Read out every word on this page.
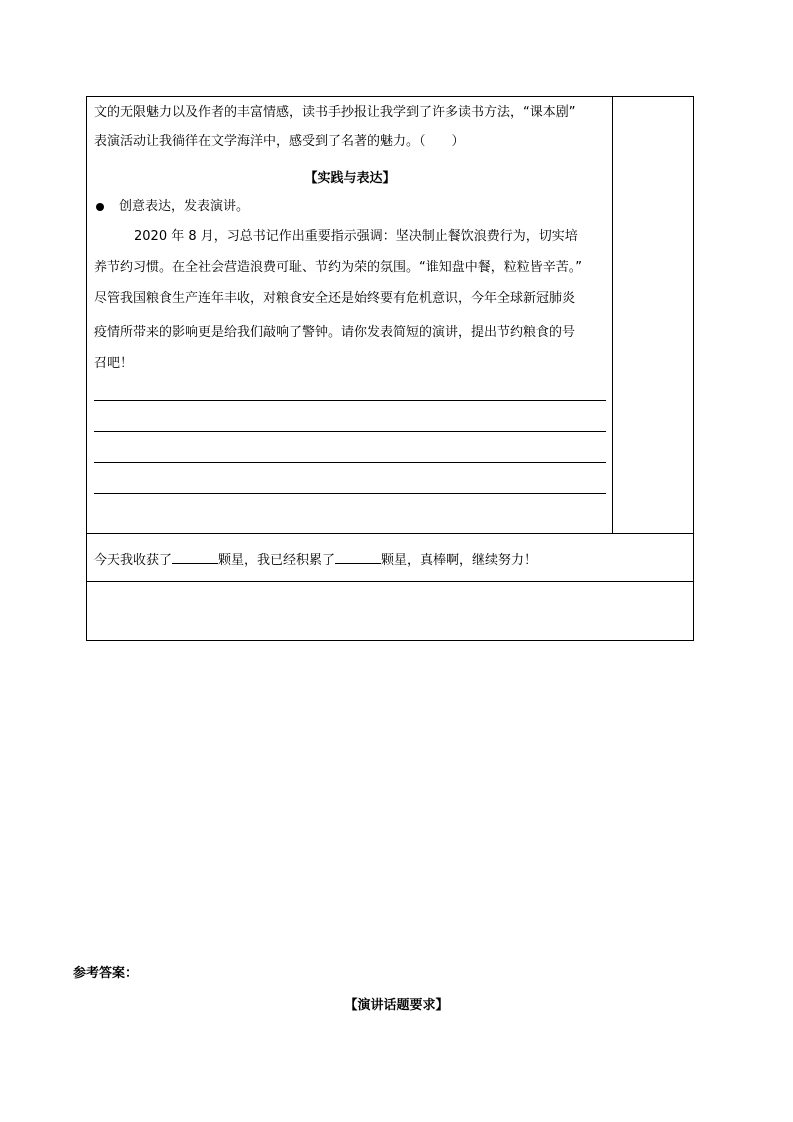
文的无限魅力以及作者的丰富情感，读书手抄报让我学到了许多读书方法，“课本剧”
表演活动让我徜徉在文学海洋中，感受到了名著的魅力。（　　）
【实践与表达】
创意表达，发表演讲。
2020 年 8 月，习总书记作出重要指示强调：坚决制止餐饮浪费行为，切实培
养节约习惯。在全社会营造浪费可耻、节约为荣的氛围。“谁知盘中餐，粒粒皆辛苦。”
尽管我国粮食生产连年丰收，对粮食安全还是始终要有危机意识，今年全球新冠肺炎
疫情所带来的影响更是给我们敲响了警钟。请你发表简短的演讲，提出节约粮食的号
召吧！
今天我收获了	颗星，我已经积累了	颗星，真棒啊，继续努力！
参考答案：
【演讲话题要求】
